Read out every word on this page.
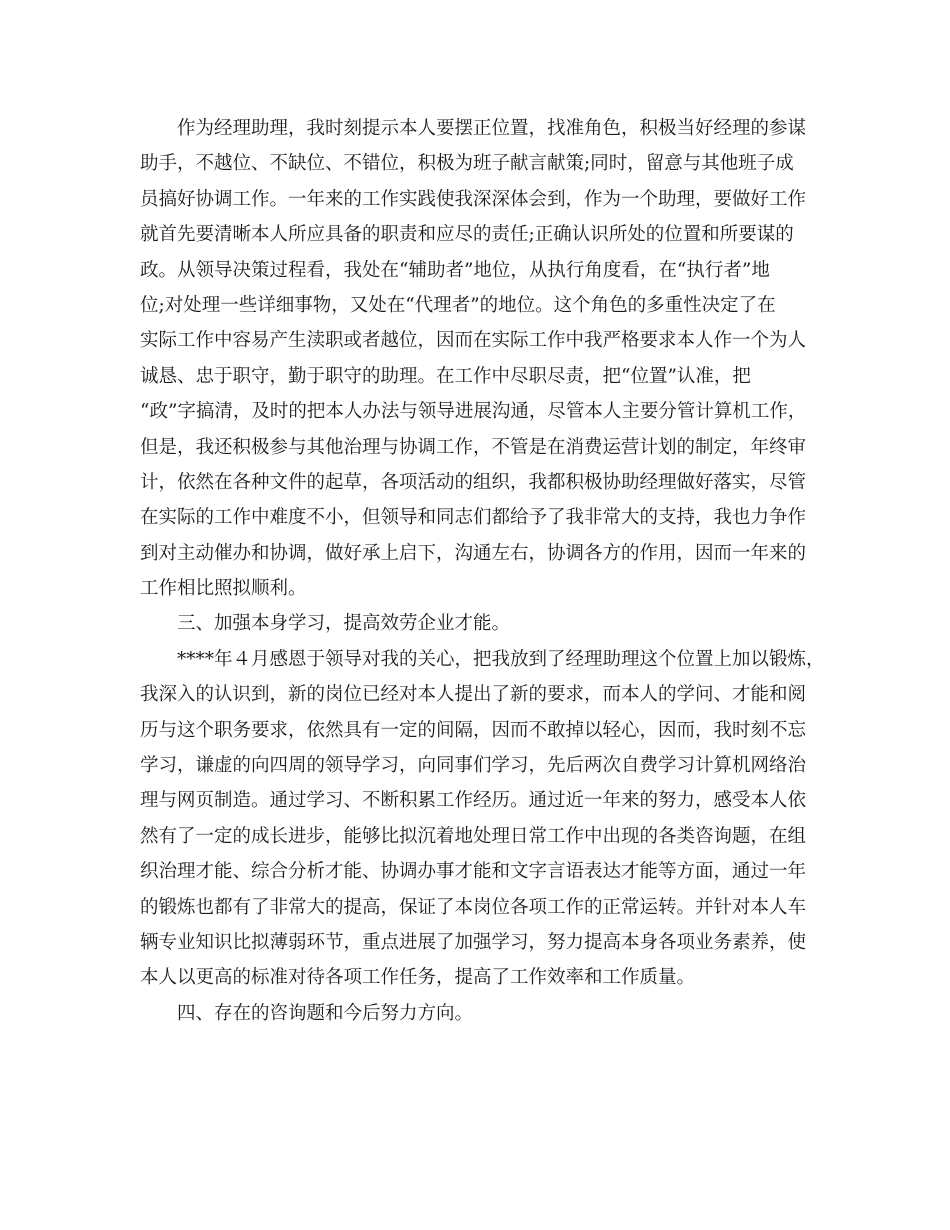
作为经理助理，我时刻提示本人要摆正位置，找准角色，积极当好经理的参谋
助手，不越位、不缺位、不错位，积极为班子献言献策;同时，留意与其他班子成
员搞好协调工作。一年来的工作实践使我深深体会到，作为一个助理，要做好工作
就首先要清晰本人所应具备的职责和应尽的责任;正确认识所处的位置和所要谋的
政。从领导决策过程看，我处在“辅助者”地位，从执行角度看，在“执行者”地
位;对处理一些详细事物，又处在“代理者”的地位。这个角色的多重性决定了在
实际工作中容易产生渎职或者越位，因而在实际工作中我严格要求本人作一个为人
诚恳、忠于职守，勤于职守的助理。在工作中尽职尽责，把“位置”认准，把
“政”字搞清，及时的把本人办法与领导进展沟通，尽管本人主要分管计算机工作，
但是，我还积极参与其他治理与协调工作，不管是在消费运营计划的制定，年终审
计，依然在各种文件的起草，各项活动的组织，我都积极协助经理做好落实，尽管
在实际的工作中难度不小，但领导和同志们都给予了我非常大的支持，我也力争作
到对主动催办和协调，做好承上启下，沟通左右，协调各方的作用，因而一年来的
工作相比照拟顺利。
三、加强本身学习，提高效劳企业才能。
****年４月感恩于领导对我的关心，把我放到了经理助理这个位置上加以锻炼，
我深入的认识到，新的岗位已经对本人提出了新的要求，而本人的学问、才能和阅
历与这个职务要求，依然具有一定的间隔，因而不敢掉以轻心，因而，我时刻不忘
学习，谦虚的向四周的领导学习，向同事们学习，先后两次自费学习计算机网络治
理与网页制造。通过学习、不断积累工作经历。通过近一年来的努力，感受本人依
然有了一定的成长进步，能够比拟沉着地处理日常工作中出现的各类咨询题，在组
织治理才能、综合分析才能、协调办事才能和文字言语表达才能等方面，通过一年
的锻炼也都有了非常大的提高，保证了本岗位各项工作的正常运转。并针对本人车
辆专业知识比拟薄弱环节，重点进展了加强学习，努力提高本身各项业务素养，使
本人以更高的标准对待各项工作任务，提高了工作效率和工作质量。
四、存在的咨询题和今后努力方向。
